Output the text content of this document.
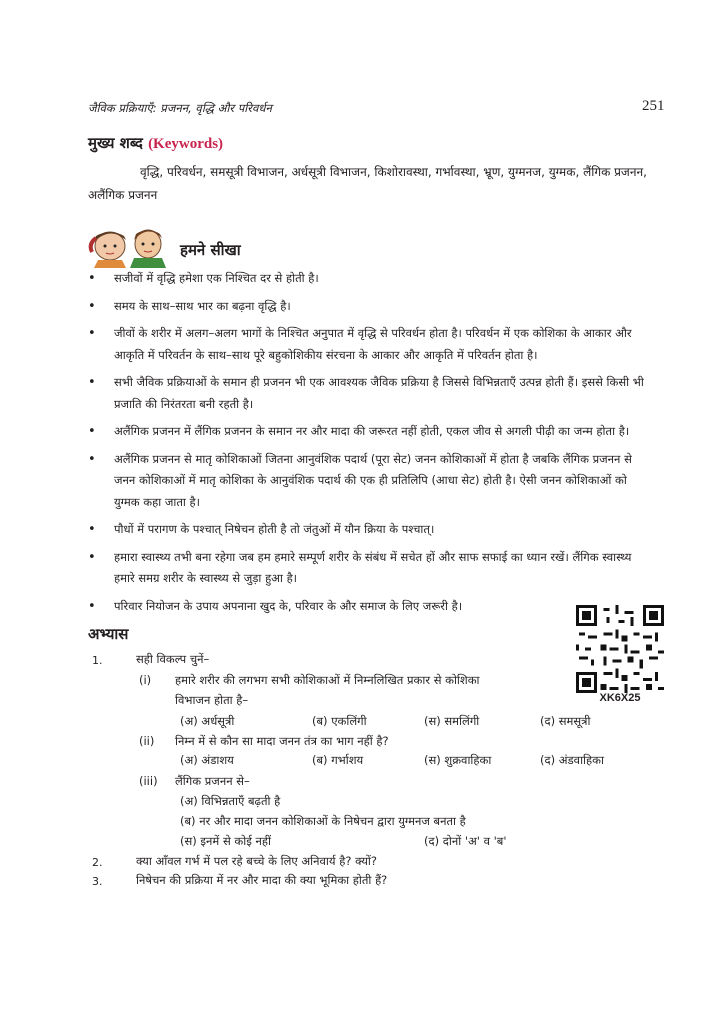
जैविक प्रक्रियाएँ: प्रजनन, वृद्धि और परिवर्धन	251
मुख्य शब्द (Keywords)
वृद्धि, परिवर्धन, समसूत्री विभाजन, अर्धसूत्री विभाजन, किशोरावस्था, गर्भावस्था, भ्रूण, युग्मनज, युग्मक, लैंगिक प्रजनन, अलैंगिक प्रजनन
हमने सीखा
• सजीवों में वृद्धि हमेशा एक निश्चित दर से होती है।
• समय के साथ–साथ भार का बढ़ना वृद्धि है।
• जीवों के शरीर में अलग–अलग भागों के निश्चित अनुपात में वृद्धि से परिवर्धन होता है। परिवर्धन में एक कोशिका के आकार और आकृति में परिवर्तन के साथ–साथ पूरे बहुकोशिकीय संरचना के आकार और आकृति में परिवर्तन होता है।
• सभी जैविक प्रक्रियाओं के समान ही प्रजनन भी एक आवश्यक जैविक प्रक्रिया है जिससे विभिन्नताएँ उत्पन्न होती हैं। इससे किसी भी प्रजाति की निरंतरता बनी रहती है।
• अलैंगिक प्रजनन में लैंगिक प्रजनन के समान नर और मादा की जरूरत नहीं होती, एकल जीव से अगली पीढ़ी का जन्म होता है।
• अलैंगिक प्रजनन से मातृ कोशिकाओं जितना आनुवंशिक पदार्थ (पूरा सेट) जनन कोशिकाओं में होता है जबकि लैंगिक प्रजनन से जनन कोशिकाओं में मातृ कोशिका के आनुवंशिक पदार्थ की एक ही प्रतिलिपि (आधा सेट) होती है। ऐसी जनन कोशिकाओं को युग्मक कहा जाता है।
• पौधों में परागण के पश्चात् निषेचन होती है तो जंतुओं में यौन क्रिया के पश्चात्।
• हमारा स्वास्थ्य तभी बना रहेगा जब हम हमारे सम्पूर्ण शरीर के संबंध में सचेत हों और साफ सफाई का ध्यान रखें। लैंगिक स्वास्थ्य हमारे समग्र शरीर के स्वास्थ्य से जुड़ा हुआ है।
• परिवार नियोजन के उपाय अपनाना खुद के, परिवार के और समाज के लिए जरूरी है।
अभ्यास
XK6X25
1.	सही विकल्प चुनें–
(i) हमारे शरीर की लगभग सभी कोशिकाओं में निम्नलिखित प्रकार से कोशिका
विभाजन होता है–
(अ) अर्धसूत्री	(ब) एकलिंगी	(स) समलिंगी	(द) समसूत्री
(ii) निम्न में से कौन सा मादा जनन तंत्र का भाग नहीं है?
(अ) अंडाशय	(ब) गर्भाशय	(स) शुक्रवाहिका	(द) अंडवाहिका
(iii) लैंगिक प्रजनन से–
(अ) विभिन्नताएँ बढ़ती है
(ब) नर और मादा जनन कोशिकाओं के निषेचन द्वारा युग्मनज बनता है
(स) इनमें से कोई नहीं	(द) दोनों 'अ' व 'ब'
2.	क्या आँवल गर्भ में पल रहे बच्चे के लिए अनिवार्य है? क्यों?
3.	निषेचन की प्रक्रिया में नर और मादा की क्या भूमिका होती हैं?
